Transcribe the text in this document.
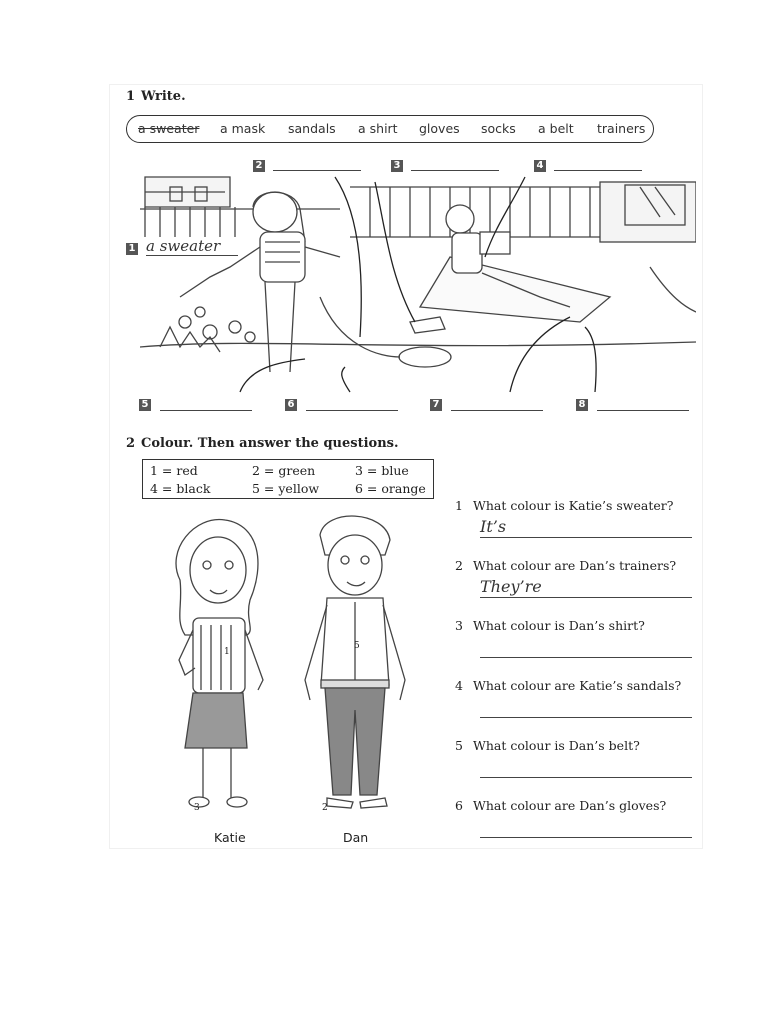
1 Write.
a sweater a mask sandals a shirt gloves socks a belt trainers
2	3	4
1 a sweater
5	6	7	8
2 Colour. Then answer the questions.
1 = red	2 = green	3 = blue
4 = black	5 = yellow	6 = orange
1
2
3
5
Katie	Dan
1 What colour is Katie’s sweater?
It’s
2 What colour are Dan’s trainers?
They’re
3 What colour is Dan’s shirt?
4 What colour are Katie’s sandals?
5 What colour is Dan’s belt?
6 What colour are Dan’s gloves?
